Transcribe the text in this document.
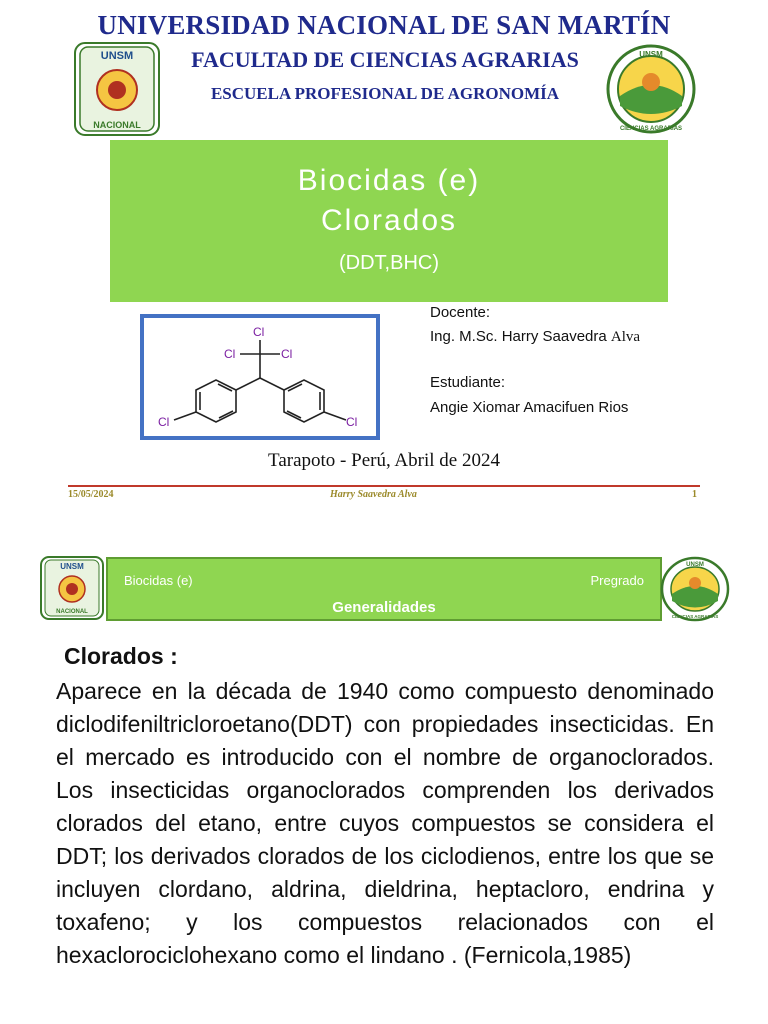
UNIVERSIDAD NACIONAL DE SAN MARTÍN
UNSM
NACIONAL
FACULTAD DE CIENCIAS AGRARIAS
ESCUELA PROFESIONAL DE AGRONOMÍA
UNSM
CIENCIAS AGRARIAS
Biocidas (e)
Clorados
(DDT,BHC)
Cl
Cl	Cl
Cl	Cl
Docente:
Ing. M.Sc. Harry Saavedra Alva
Estudiante:
Angie Xiomar Amacifuen Rios
Tarapoto - Perú, Abril de 2024
15/05/2024	Harry Saavedra Alva	1
UNSM
NACIONAL
Biocidas (e)	Pregrado
Generalidades
UNSM
CIENCIAS AGRARIAS
Clorados :

Aparece en la década de 1940 como compuesto denominado diclodifeniltricloroetano(DDT) con propiedades insecticidas. En el mercado es introducido con el nombre de organoclorados. Los insecticidas organoclorados comprenden los derivados clorados del etano, entre cuyos compuestos se considera el DDT; los derivados clorados de los ciclodienos, entre los que se incluyen clordano, aldrina, dieldrina, heptacloro, endrina y toxafeno; y los compuestos relacionados con el hexaclorociclohexano como el lindano . (Fernicola,1985)
